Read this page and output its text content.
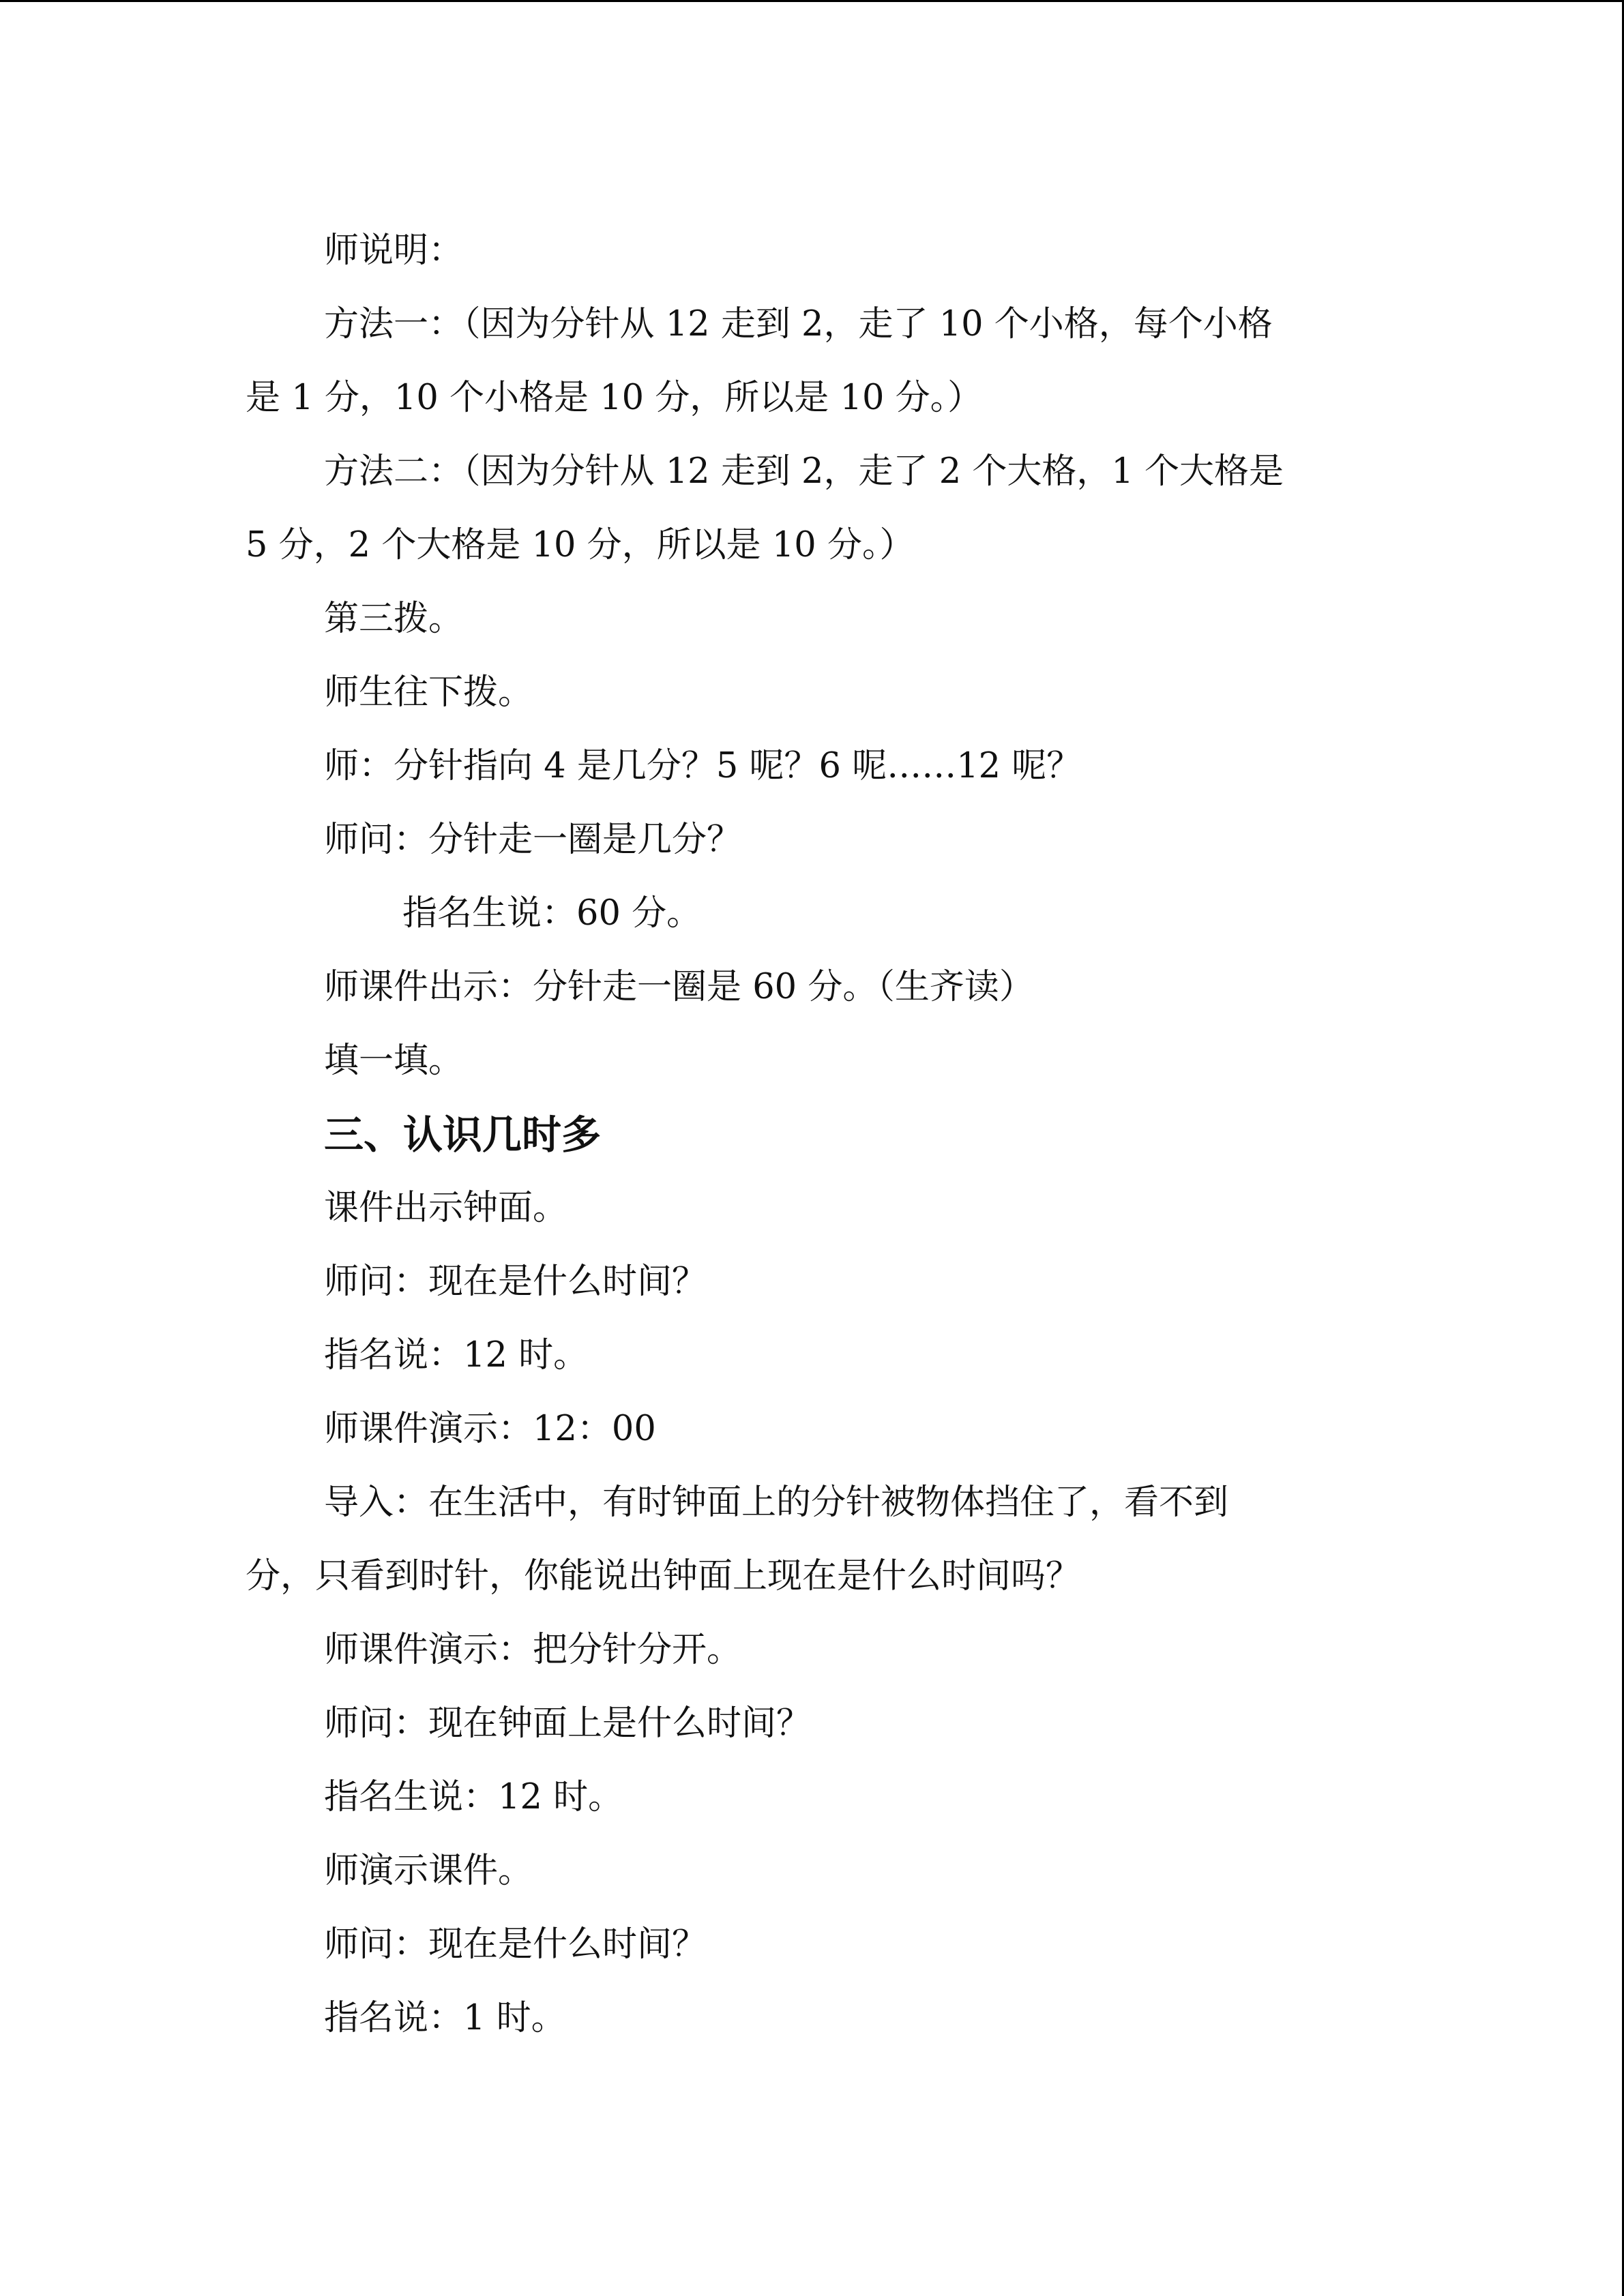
师说明：
方法一：（因为分针从 12 走到 2，走了 10 个小格，每个小格
是 1 分，10 个小格是 10 分，所以是 10 分。）
方法二：（因为分针从 12 走到 2，走了 2 个大格，1 个大格是
5 分，2 个大格是 10 分，所以是 10 分。）
第三拨。
师生往下拨。
师：分针指向 4 是几分？5 呢？6 呢……12 呢？
师问：分针走一圈是几分？
指名生说：60 分。
师课件出示：分针走一圈是 60 分。（生齐读）
填一填。
三、认识几时多
课件出示钟面。
师问：现在是什么时间？
指名说：12 时。
师课件演示：12：00
导入：在生活中，有时钟面上的分针被物体挡住了，看不到
分，只看到时针，你能说出钟面上现在是什么时间吗？
师课件演示：把分针分开。
师问：现在钟面上是什么时间？
指名生说：12 时。
师演示课件。
师问：现在是什么时间？
指名说：1 时。
